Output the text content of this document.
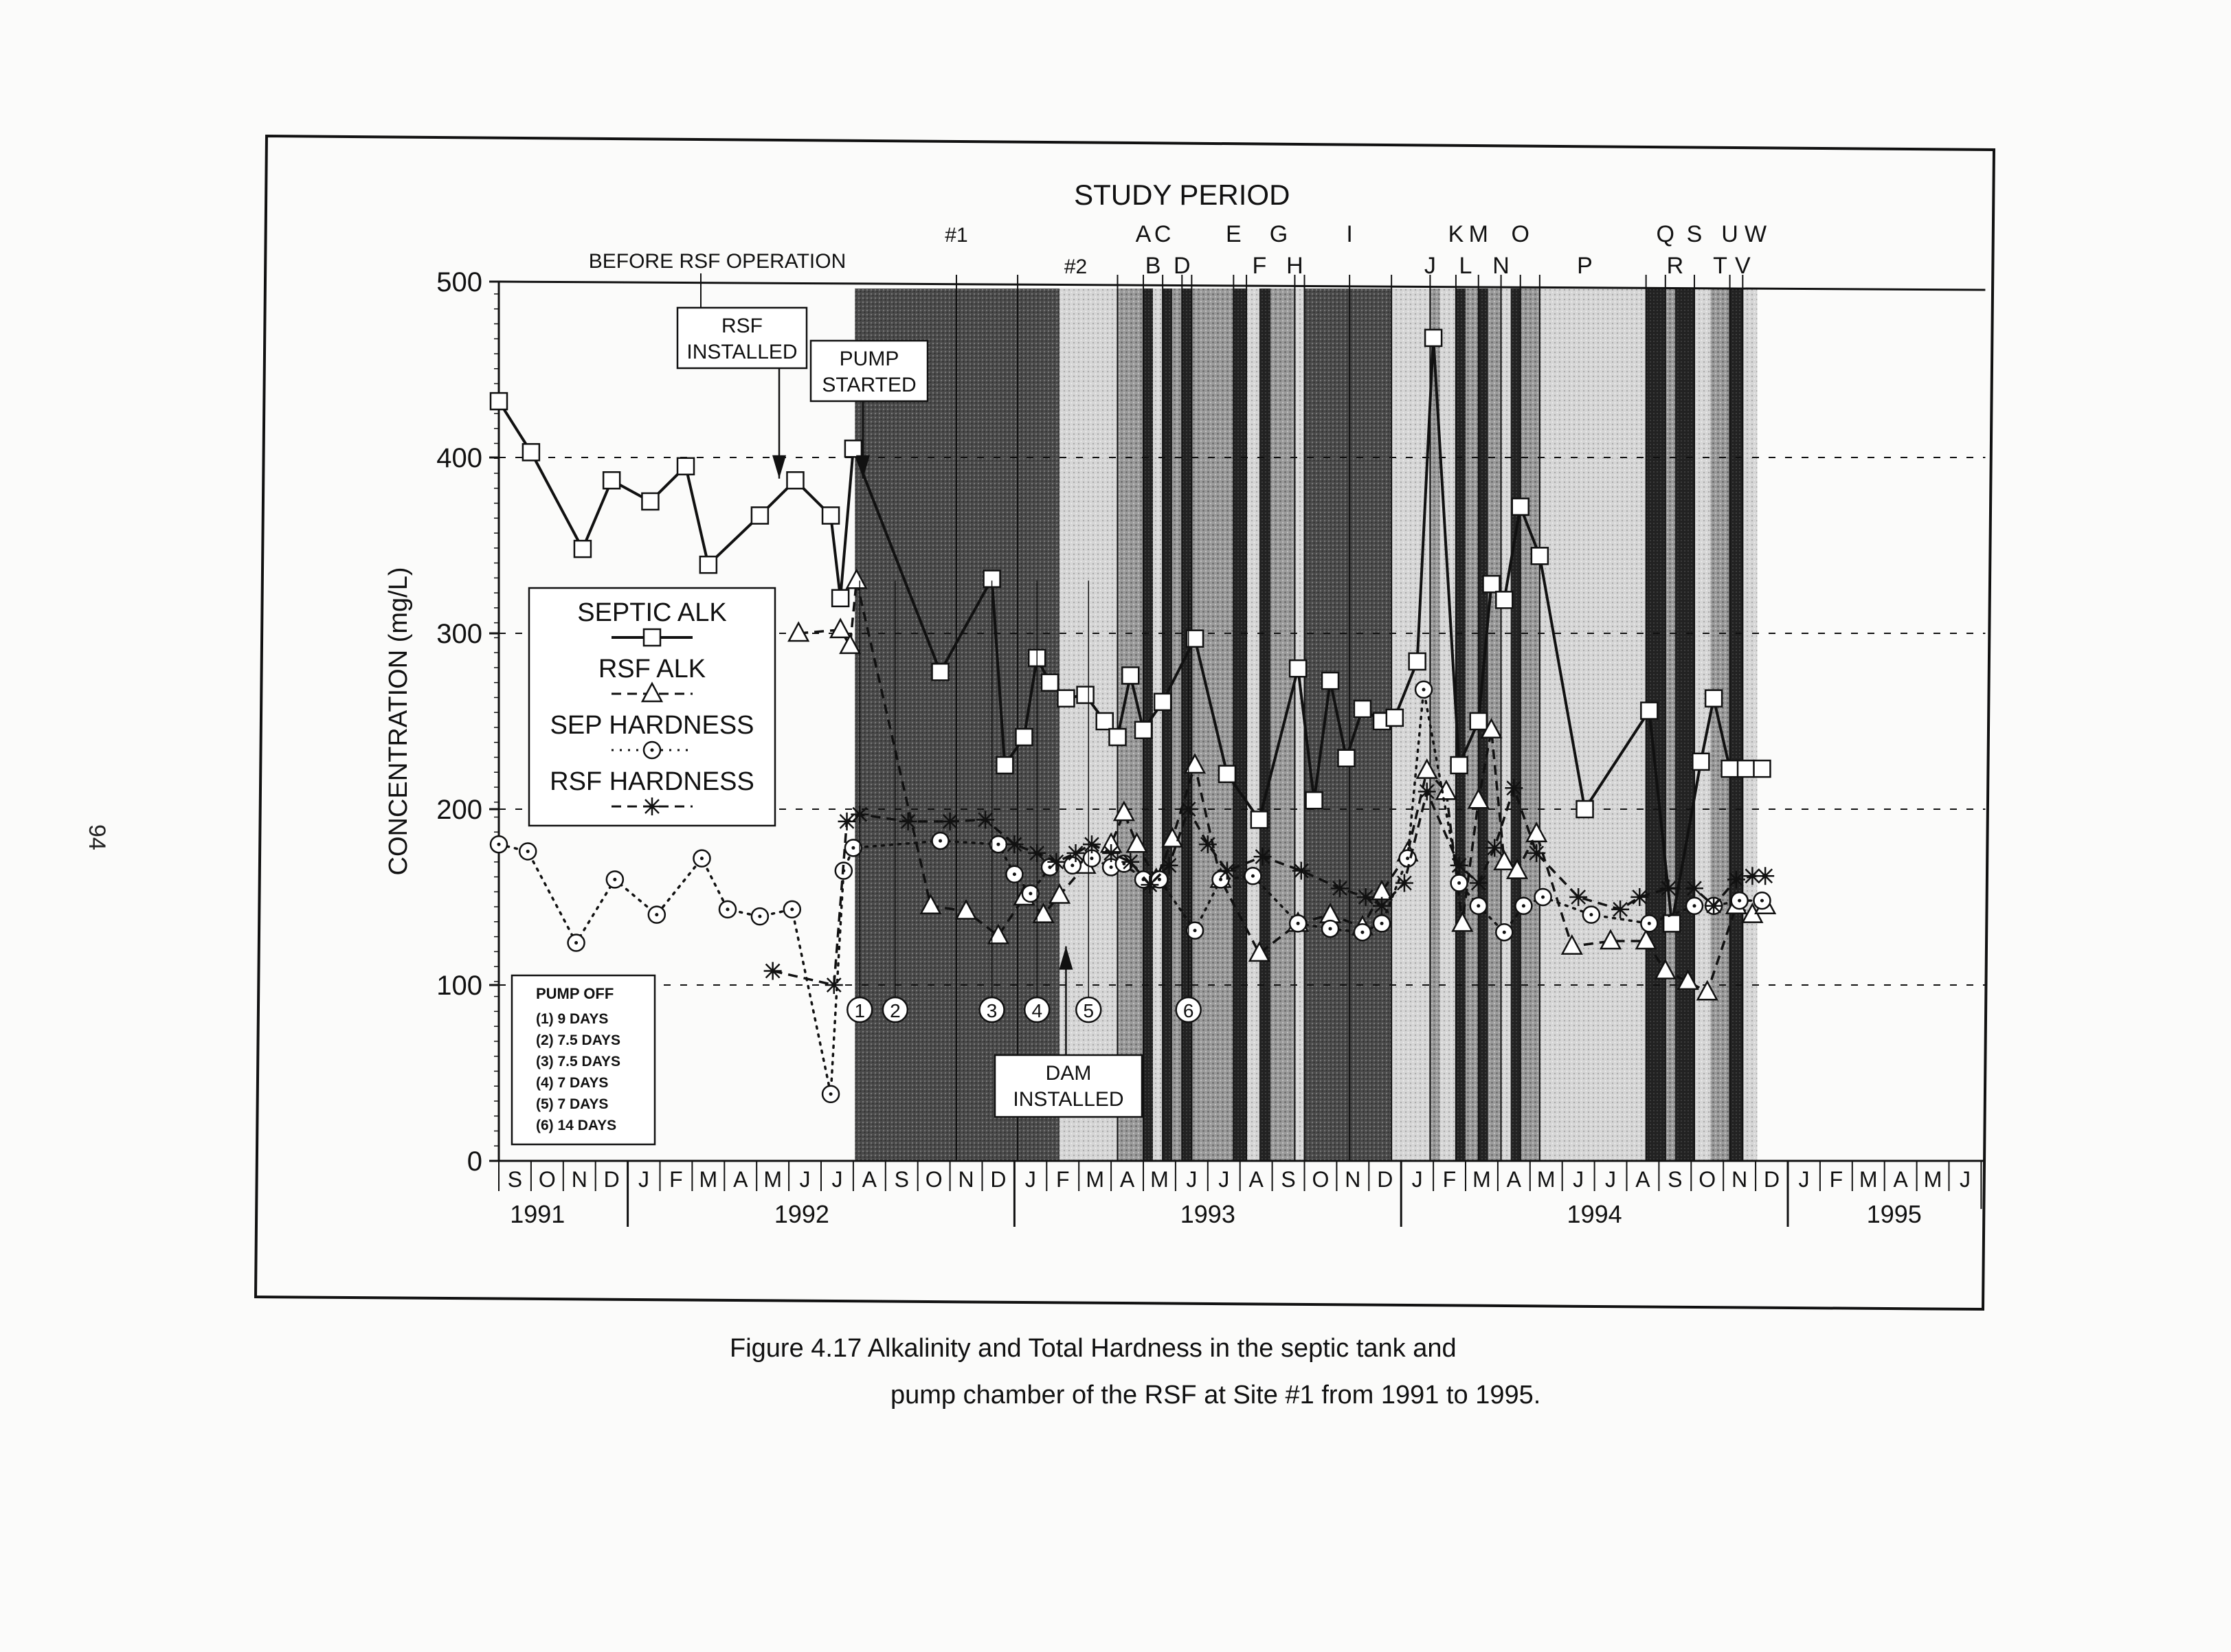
0
100
200
300
400
500
CONCENTRATION (mg/L)
S O N D J F M A M J J A S O N D J F M A M J J A S O N D J F M A M J J A S O N D J F M A M J
1991	1992	1993	1994	1995
STUDY PERIOD
BEFORE RSF OPERATION
RSF
INSTALLED PUMP
STARTED
DAM
INSTALLED
#1
#2
A
B
C
D
E
F
G
H
I
J
K
L
M
N
O
P
Q
R
S
T
U
V
W
1 2	3 4 5	6
SEPTIC ALK
RSF ALK
SEP HARDNESS
RSF HARDNESS
PUMP OFF
(1) 9 DAYS
(2) 7.5 DAYS
(3) 7.5 DAYS
(4) 7 DAYS
(5) 7 DAYS
(6) 14 DAYS
Figure 4.17 Alkalinity and Total Hardness in the septic tank and
pump chamber of the RSF at Site #1 from 1991 to 1995.
94
